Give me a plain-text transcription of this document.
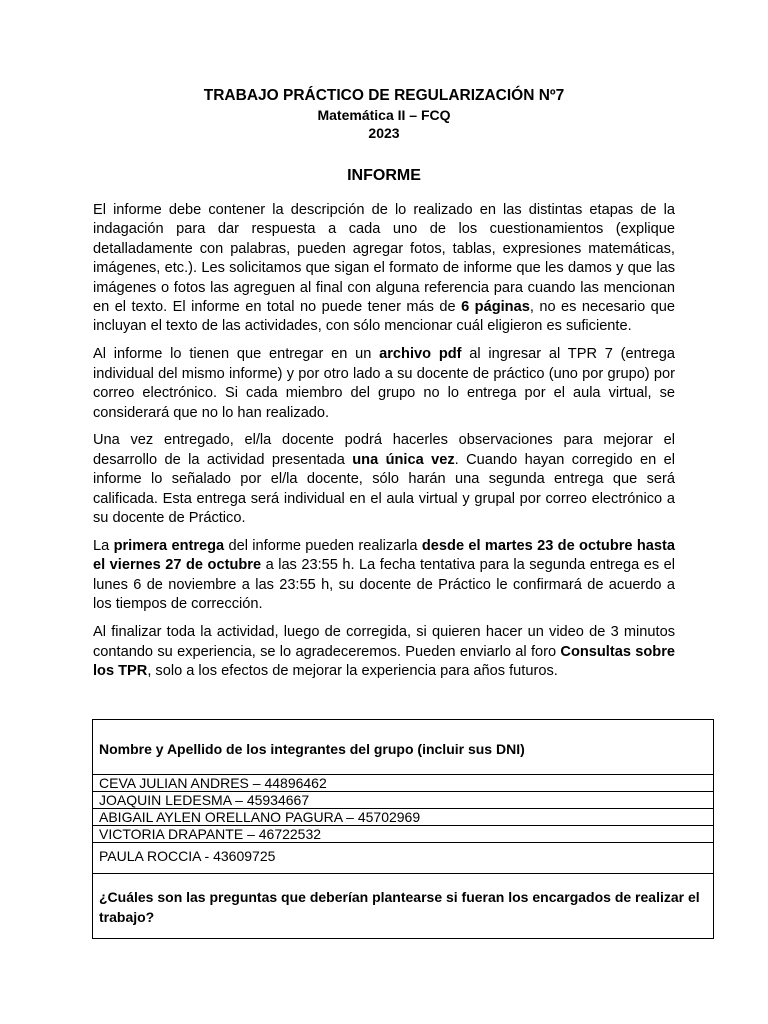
TRABAJO PRÁCTICO DE REGULARIZACIÓN Nº7
Matemática II – FCQ
2023
INFORME

El informe debe contener la descripción de lo realizado en las distintas etapas de la indagación para dar respuesta a cada uno de los cuestionamientos (explique detalladamente con palabras, pueden agregar fotos, tablas, expresiones matemáticas, imágenes, etc.). Les solicitamos que sigan el formato de informe que les damos y que las imágenes o fotos las agreguen al final con alguna referencia para cuando las mencionan en el texto. El informe en total no puede tener más de 6 páginas, no es necesario que incluyan el texto de las actividades, con sólo mencionar cuál eligieron es suficiente.

Al informe lo tienen que entregar en un archivo pdf al ingresar al TPR 7 (entrega individual del mismo informe) y por otro lado a su docente de práctico (uno por grupo) por correo electrónico. Si cada miembro del grupo no lo entrega por el aula virtual, se considerará que no lo han realizado.

Una vez entregado, el/la docente podrá hacerles observaciones para mejorar el desarrollo de la actividad presentada una única vez. Cuando hayan corregido en el informe lo señalado por el/la docente, sólo harán una segunda entrega que será calificada. Esta entrega será individual en el aula virtual y grupal por correo electrónico a su docente de Práctico.

La primera entrega del informe pueden realizarla desde el martes 23 de octubre hasta el viernes 27 de octubre a las 23:55 h. La fecha tentativa para la segunda entrega es el lunes 6 de noviembre a las 23:55 h, su docente de Práctico le confirmará de acuerdo a los tiempos de corrección.

Al finalizar toda la actividad, luego de corregida, si quieren hacer un video de 3 minutos contando su experiencia, se lo agradeceremos. Pueden enviarlo al foro Consultas sobre los TPR, solo a los efectos de mejorar la experiencia para años futuros.

Nombre y Apellido de los integrantes del grupo (incluir sus DNI)
CEVA JULIAN ANDRES – 44896462
JOAQUIN LEDESMA – 45934667
ABIGAIL AYLEN ORELLANO PAGURA – 45702969
VICTORIA DRAPANTE – 46722532
PAULA ROCCIA - 43609725
¿Cuáles son las preguntas que deberían plantearse si fueran los encargados de realizar el trabajo?
